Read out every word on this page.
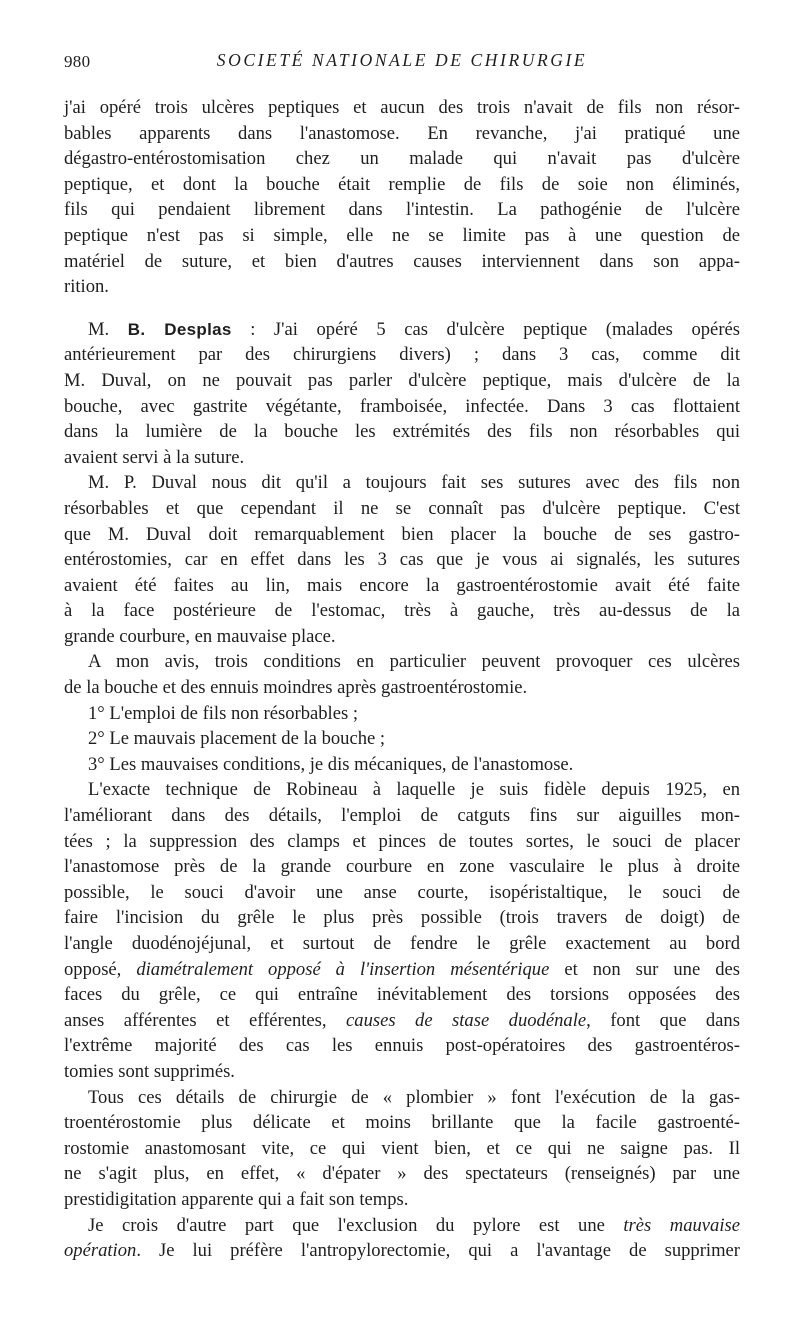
980	SOCIETÉ NATIONALE DE CHIRURGIE

j'ai opéré trois ulcères peptiques et aucun des trois n'avait de fils non résor-
bables apparents dans l'anastomose. En revanche, j'ai pratiqué une
dégastro-entérostomisation chez un malade qui n'avait pas d'ulcère
peptique, et dont la bouche était remplie de fils de soie non éliminés,
fils qui pendaient librement dans l'intestin. La pathogénie de l'ulcère
peptique n'est pas si simple, elle ne se limite pas à une question de
matériel de suture, et bien d'autres causes interviennent dans son appa-
rition.

M. B. Desplas : J'ai opéré 5 cas d'ulcère peptique (malades opérés

antérieurement par des chirurgiens divers) ; dans 3 cas, comme dit
M. Duval, on ne pouvait pas parler d'ulcère peptique, mais d'ulcère de la
bouche, avec gastrite végétante, framboisée, infectée. Dans 3 cas flottaient
dans la lumière de la bouche les extrémités des fils non résorbables qui
avaient servi à la suture.

M. P. Duval nous dit qu'il a toujours fait ses sutures avec des fils non
résorbables et que cependant il ne se connaît pas d'ulcère peptique. C'est
que M. Duval doit remarquablement bien placer la bouche de ses gastro-
entérostomies, car en effet dans les 3 cas que je vous ai signalés, les sutures
avaient été faites au lin, mais encore la gastroentérostomie avait été faite
à la face postérieure de l'estomac, très à gauche, très au-dessus de la
grande courbure, en mauvaise place.

A mon avis, trois conditions en particulier peuvent provoquer ces ulcères
de la bouche et des ennuis moindres après gastroentérostomie.

1° L'emploi de fils non résorbables ;
2° Le mauvais placement de la bouche ;
3° Les mauvaises conditions, je dis mécaniques, de l'anastomose.

L'exacte technique de Robineau à laquelle je suis fidèle depuis 1925, en
l'améliorant dans des détails, l'emploi de catguts fins sur aiguilles mon-
tées ; la suppression des clamps et pinces de toutes sortes, le souci de placer
l'anastomose près de la grande courbure en zone vasculaire le plus à droite
possible, le souci d'avoir une anse courte, isopéristaltique, le souci de
faire l'incision du grêle le plus près possible (trois travers de doigt) de
l'angle duodénojéjunal, et surtout de fendre le grêle exactement au bord
opposé, diamétralement opposé à l'insertion mésentérique et non sur une des
faces du grêle, ce qui entraîne inévitablement des torsions opposées des
anses afférentes et efférentes, causes de stase duodénale, font que dans
l'extrême majorité des cas les ennuis post-opératoires des gastroentéros-
tomies sont supprimés.

Tous ces détails de chirurgie de « plombier » font l'exécution de la gas-
troentérostomie plus délicate et moins brillante que la facile gastroenté-
rostomie anastomosant vite, ce qui vient bien, et ce qui ne saigne pas. Il
ne s'agit plus, en effet, « d'épater » des spectateurs (renseignés) par une
prestidigitation apparente qui a fait son temps.

Je crois d'autre part que l'exclusion du pylore est une très mauvaise
opération. Je lui préfère l'antropylorectomie, qui a l'avantage de supprimer
